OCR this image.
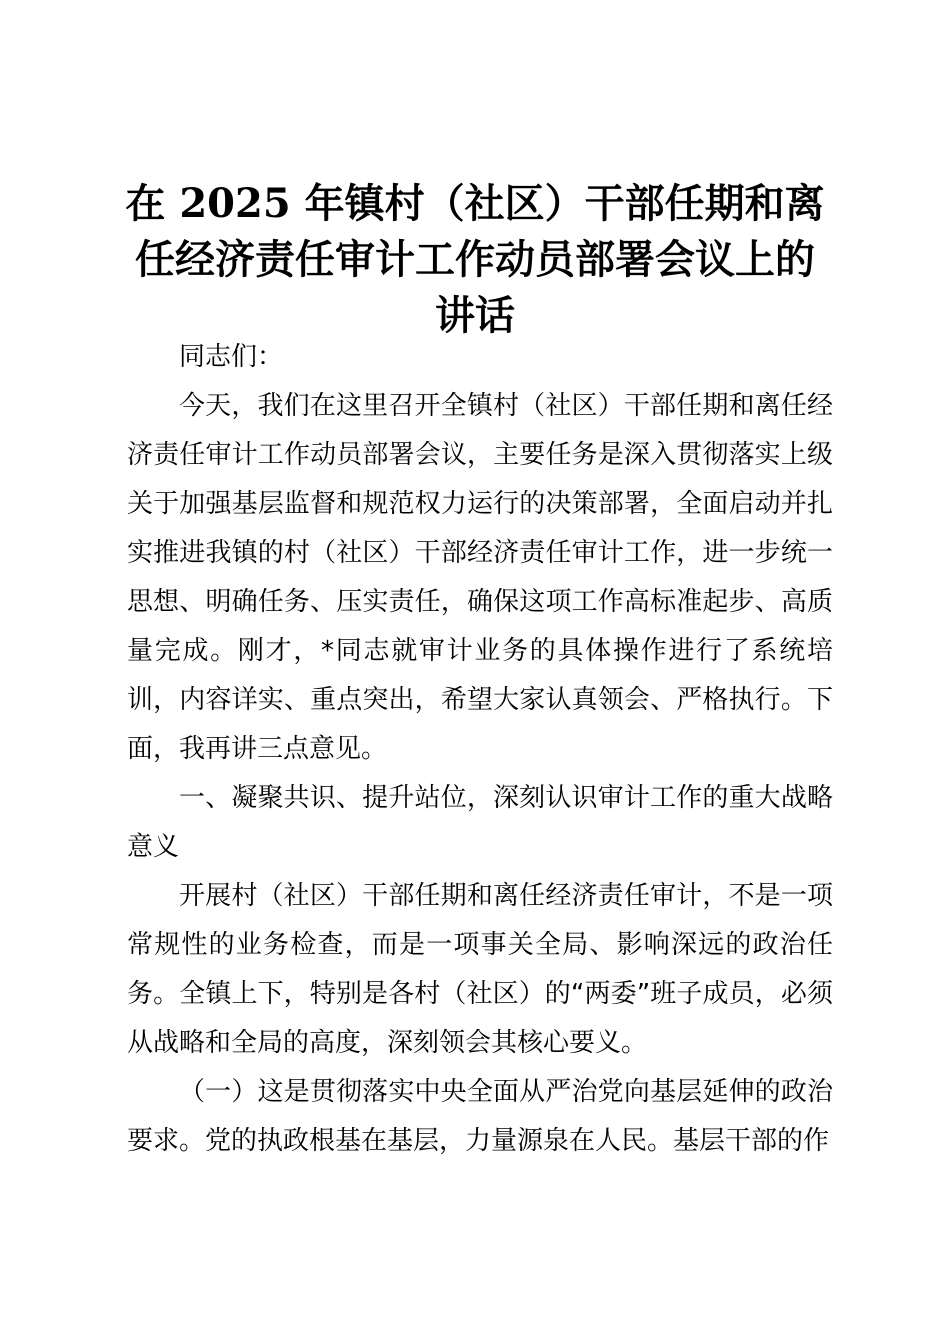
在 2025 年镇村（社区）干部任期和离任经济责任审计工作动员部署会议上的讲话

同志们：

今天，我们在这里召开全镇村（社区）干部任期和离任经济责任审计工作动员部署会议，主要任务是深入贯彻落实上级关于加强基层监督和规范权力运行的决策部署，全面启动并扎实推进我镇的村（社区）干部经济责任审计工作，进一步统一思想、明确任务、压实责任，确保这项工作高标准起步、高质量完成。刚才，*同志就审计业务的具体操作进行了系统培训，内容详实、重点突出，希望大家认真领会、严格执行。下面，我再讲三点意见。

一、凝聚共识、提升站位，深刻认识审计工作的重大战略意义

开展村（社区）干部任期和离任经济责任审计，不是一项常规性的业务检查，而是一项事关全局、影响深远的政治任务。全镇上下，特别是各村（社区）的“两委”班子成员，必须从战略和全局的高度，深刻领会其核心要义。

（一）这是贯彻落实中央全面从严治党向基层延伸的政治要求。党的执政根基在基层，力量源泉在人民。基层干部的作
